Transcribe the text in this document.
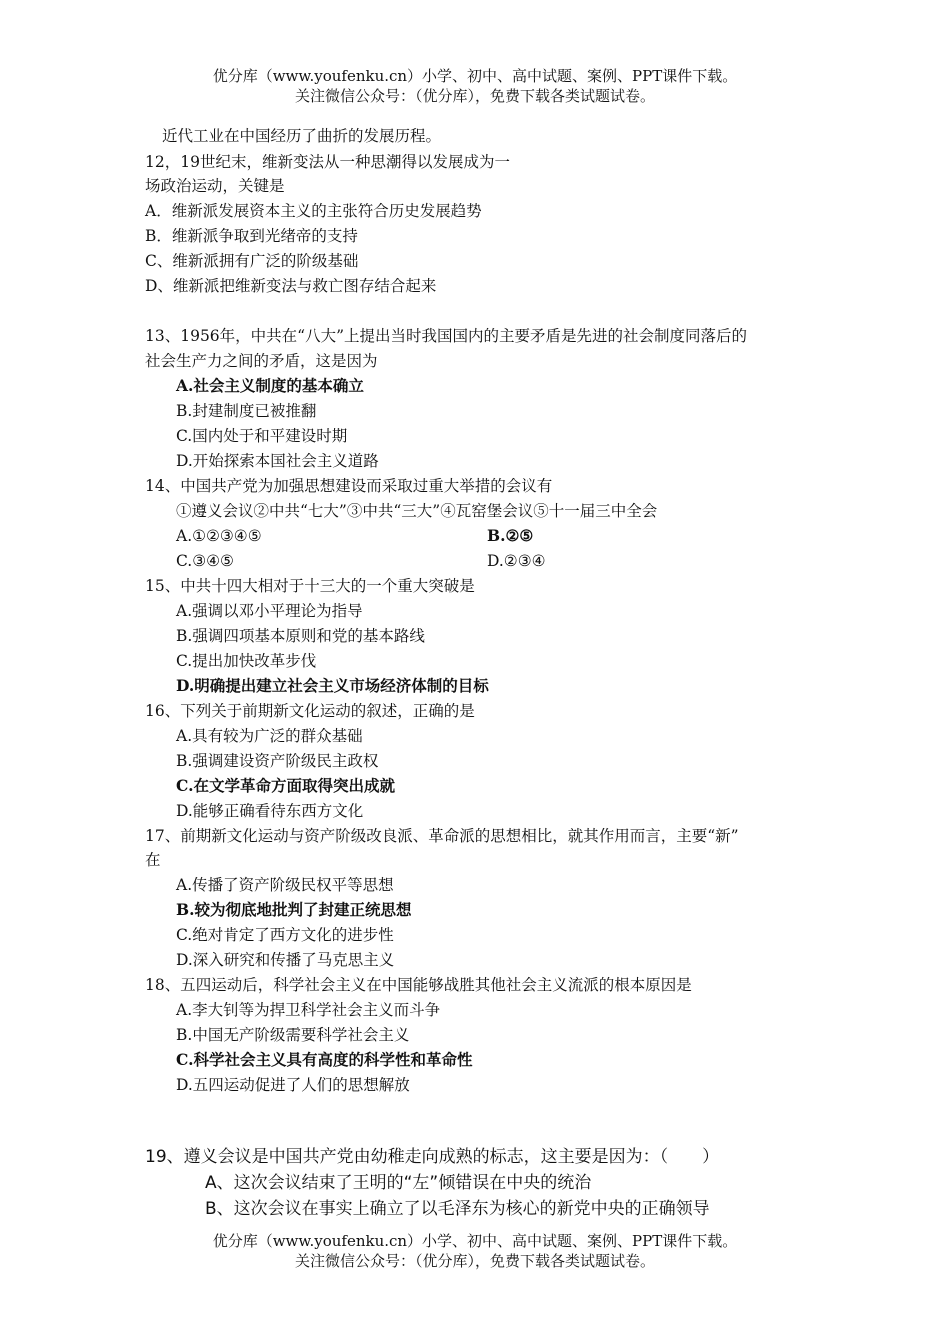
优分库（www.youfenku.cn）小学、初中、高中试题、案例、PPT课件下载。
关注微信公众号：（优分库），免费下载各类试题试卷。
近代工业在中国经历了曲折的发展历程。
12，19世纪末，维新变法从一种思潮得以发展成为一
场政治运动，关键是
A．维新派发展资本主义的主张符合历史发展趋势
B．维新派争取到光绪帝的支持
C、维新派拥有广泛的阶级基础
D、维新派把维新变法与救亡图存结合起来
13、1956年，中共在“八大”上提出当时我国国内的主要矛盾是先进的社会制度同落后的
社会生产力之间的矛盾，这是因为
A.社会主义制度的基本确立
B.封建制度已被推翻
C.国内处于和平建设时期
D.开始探索本国社会主义道路
14、中国共产党为加强思想建设而采取过重大举措的会议有
①遵义会议②中共“七大”③中共“三大”④瓦窑堡会议⑤十一届三中全会
A.①②③④⑤	B.②⑤
C.③④⑤	D.②③④
15、中共十四大相对于十三大的一个重大突破是
A.强调以邓小平理论为指导
B.强调四项基本原则和党的基本路线
C.提出加快改革步伐
D.明确提出建立社会主义市场经济体制的目标
16、下列关于前期新文化运动的叙述，正确的是
A.具有较为广泛的群众基础
B.强调建设资产阶级民主政权
C.在文学革命方面取得突出成就
D.能够正确看待东西方文化
17、前期新文化运动与资产阶级改良派、革命派的思想相比，就其作用而言，主要“新”
在
A.传播了资产阶级民权平等思想
B.较为彻底地批判了封建正统思想
C.绝对肯定了西方文化的进步性
D.深入研究和传播了马克思主义
18、五四运动后，科学社会主义在中国能够战胜其他社会主义流派的根本原因是
A.李大钊等为捍卫科学社会主义而斗争
B.中国无产阶级需要科学社会主义
C.科学社会主义具有高度的科学性和革命性
D.五四运动促进了人们的思想解放
19、遵义会议是中国共产党由幼稚走向成熟的标志，这主要是因为：（　　）
A、这次会议结束了王明的“左”倾错误在中央的统治
B、这次会议在事实上确立了以毛泽东为核心的新党中央的正确领导
优分库（www.youfenku.cn）小学、初中、高中试题、案例、PPT课件下载。
关注微信公众号：（优分库），免费下载各类试题试卷。
